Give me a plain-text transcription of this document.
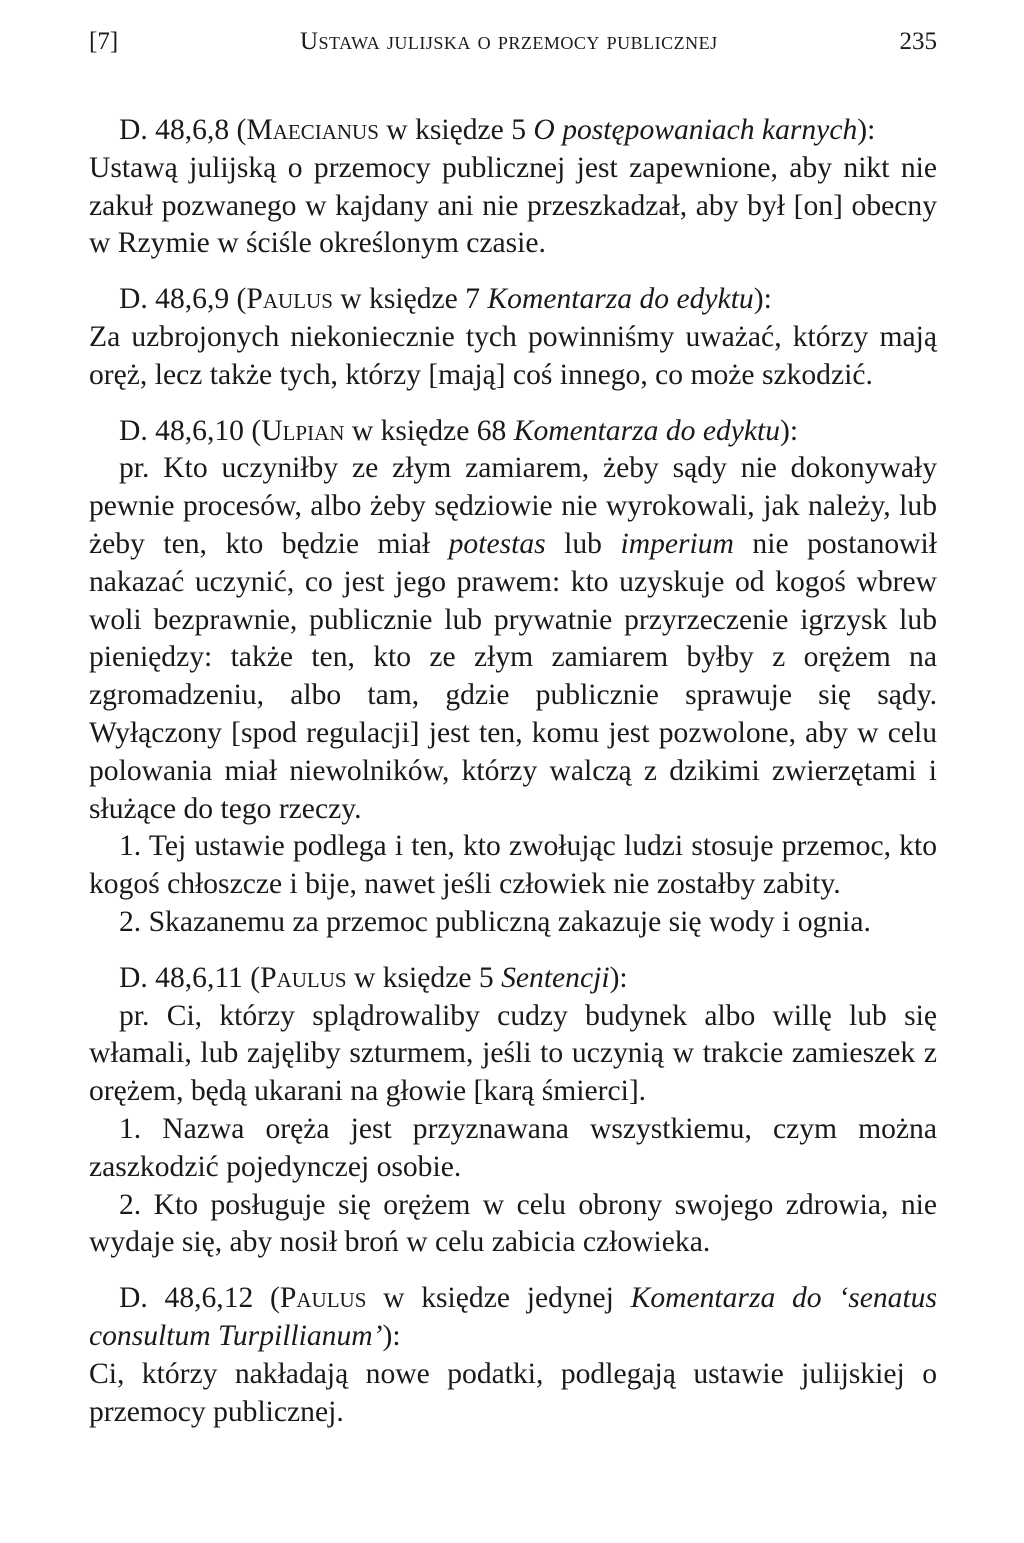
[7]	Ustawa julijska o przemocy publicznej	235

D. 48,6,8 (Maecianus w księdze 5 O postępowaniach karnych):

Ustawą julijską o przemocy publicznej jest zapewnione, aby nikt nie zakuł pozwanego w kajdany ani nie przeszkadzał, aby był [on] obecny w Rzymie w ściśle określonym czasie.

D. 48,6,9 (Paulus w księdze 7 Komentarza do edyktu):

Za uzbrojonych niekoniecznie tych powinniśmy uważać, którzy mają oręż, lecz także tych, którzy [mają] coś innego, co może szkodzić.

D. 48,6,10 (Ulpian w księdze 68 Komentarza do edyktu):

pr. Kto uczyniłby ze złym zamiarem, żeby sądy nie dokonywały pewnie procesów, albo żeby sędziowie nie wyrokowali, jak należy, lub żeby ten, kto będzie miał potestas lub imperium nie postanowił nakazać uczynić, co jest jego prawem: kto uzyskuje od kogoś wbrew woli bezprawnie, publicznie lub prywatnie przyrzeczenie igrzysk lub pieniędzy: także ten, kto ze złym zamiarem byłby z orężem na zgromadzeniu, albo tam, gdzie publicznie sprawuje się sądy. Wyłączony [spod regulacji] jest ten, komu jest pozwolone, aby w celu polowania miał niewolników, którzy walczą z dzikimi zwierzętami i służące do tego rzeczy.

1. Tej ustawie podlega i ten, kto zwołując ludzi stosuje przemoc, kto kogoś chłoszcze i bije, nawet jeśli człowiek nie zostałby zabity.

2. Skazanemu za przemoc publiczną zakazuje się wody i ognia.

D. 48,6,11 (Paulus w księdze 5 Sentencji):

pr. Ci, którzy splądrowaliby cudzy budynek albo willę lub się włamali, lub zajęliby szturmem, jeśli to uczynią w trakcie zamieszek z orężem, będą ukarani na głowie [karą śmierci].

1. Nazwa oręża jest przyznawana wszystkiemu, czym można zaszkodzić pojedynczej osobie.

2. Kto posługuje się orężem w celu obrony swojego zdrowia, nie wydaje się, aby nosił broń w celu zabicia człowieka.

D. 48,6,12 (Paulus w księdze jedynej Komentarza do ‘senatus consultum Turpillianum’):

Ci, którzy nakładają nowe podatki, podlegają ustawie julijskiej o przemocy publicznej.
